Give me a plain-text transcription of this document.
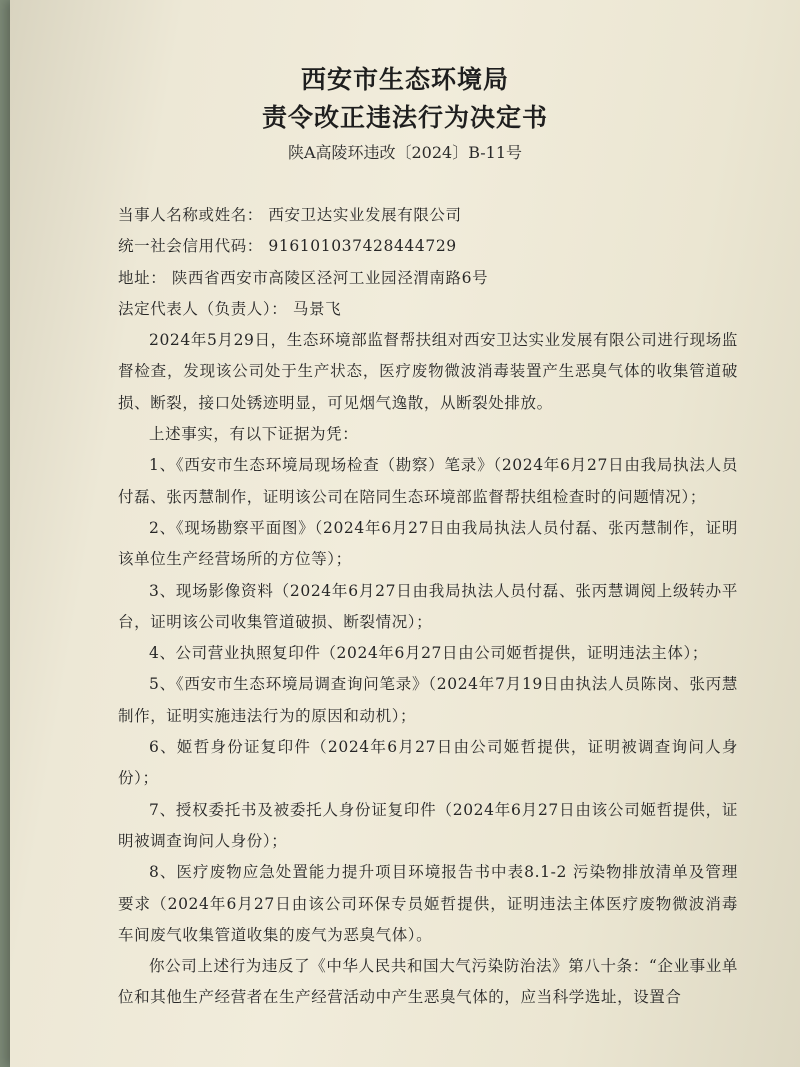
西安市生态环境局
责令改正违法行为决定书
陕A高陵环违改〔2024〕B-11号
当事人名称或姓名： 西安卫达实业发展有限公司
统一社会信用代码： 916101037428444729
地址： 陕西省西安市高陵区泾河工业园泾渭南路6号
法定代表人（负责人）： 马景飞
2024年5月29日，生态环境部监督帮扶组对西安卫达实业发展有限公司进行现场监督检查，发现该公司处于生产状态，医疗废物微波消毒装置产生恶臭气体的收集管道破损、断裂，接口处锈迹明显，可见烟气逸散，从断裂处排放。
上述事实，有以下证据为凭：
1、《西安市生态环境局现场检查（勘察）笔录》（2024年6月27日由我局执法人员付磊、张丙慧制作，证明该公司在陪同生态环境部监督帮扶组检查时的问题情况）；
2、《现场勘察平面图》（2024年6月27日由我局执法人员付磊、张丙慧制作，证明该单位生产经营场所的方位等）；
3、现场影像资料（2024年6月27日由我局执法人员付磊、张丙慧调阅上级转办平台，证明该公司收集管道破损、断裂情况）；
4、公司营业执照复印件（2024年6月27日由公司姬哲提供，证明违法主体）；
5、《西安市生态环境局调查询问笔录》（2024年7月19日由执法人员陈岗、张丙慧制作，证明实施违法行为的原因和动机）；
6、姬哲身份证复印件（2024年6月27日由公司姬哲提供，证明被调查询问人身份）；
7、授权委托书及被委托人身份证复印件（2024年6月27日由该公司姬哲提供，证明被调查询问人身份）；
8、医疗废物应急处置能力提升项目环境报告书中表8.1-2 污染物排放清单及管理要求（2024年6月27日由该公司环保专员姬哲提供，证明违法主体医疗废物微波消毒车间废气收集管道收集的废气为恶臭气体）。
你公司上述行为违反了《中华人民共和国大气污染防治法》第八十条：“企业事业单位和其他生产经营者在生产经营活动中产生恶臭气体的，应当科学选址，设置合
